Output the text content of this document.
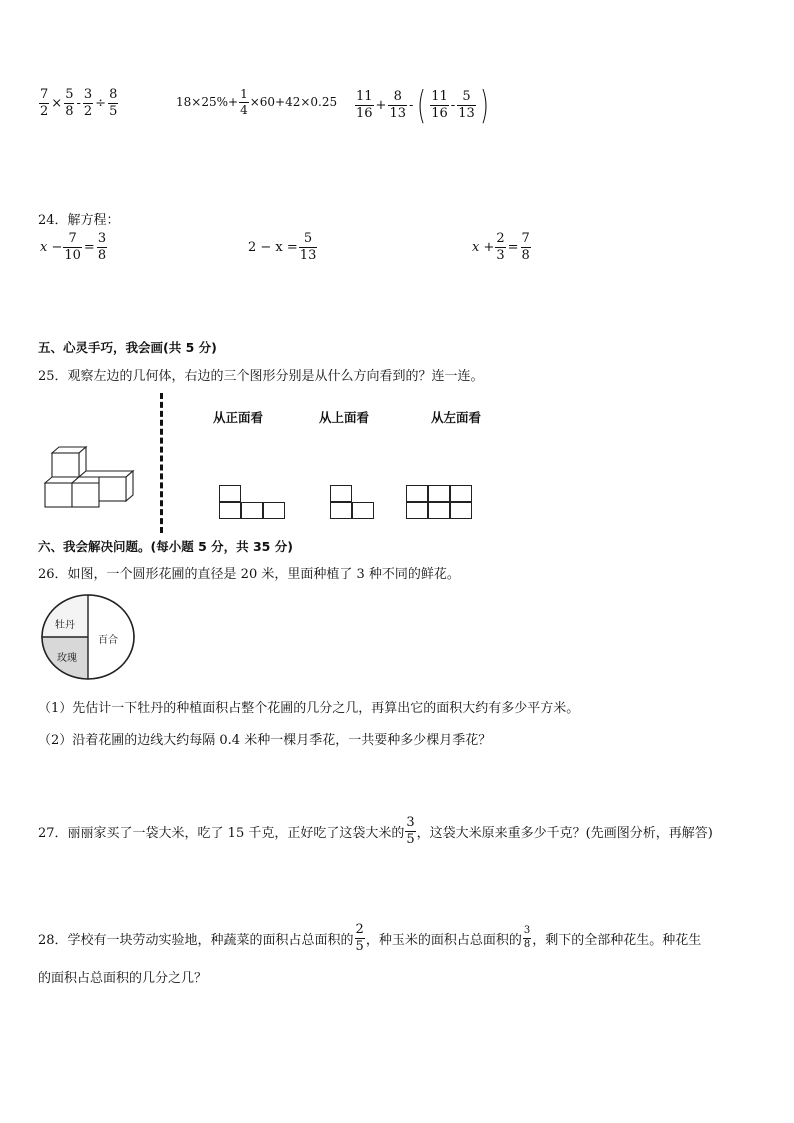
$\frac{7}{2} \times \frac{5}{8} - \frac{3}{2} \div \frac{8}{5}$	$18\times 25\%+ \frac{1}{4} \times 60+42\times 0.25 \frac{11}{16} + \frac{8}{13}$ - ( $\frac{11}{16} - \frac{5}{13}$ )
24．解方程：
$x - \frac{7}{10} = \frac{3}{8}$	$2 - x = \frac{5}{13}$	$x + \frac{2}{3} = \frac{7}{8}$
五、心灵手巧，我会画(共 5 分)
25．观察左边的几何体，右边的三个图形分别是从什么方向看到的？连一连。
从正面看	从上面看	从左面看
六、我会解决问题。(每小题 5 分，共 35 分)
26．如图，一个圆形花圃的直径是 20 米，里面种植了 3 种不同的鲜花。
牡丹
玫瑰
百合
（1）先估计一下牡丹的种植面积占整个花圃的几分之几，再算出它的面积大约有多少平方米。
（2）沿着花圃的边线大约每隔 0.4 米种一棵月季花，一共要种多少棵月季花？
27．丽丽家买了一袋大米，吃了 15 千克，正好吃了这袋大米的 $\frac{3}{5}$ ，这袋大米原来重多少千克？(先画图分析，再解答)
28．学校有一块劳动实验地，种蔬菜的面积占总面积的 $\frac{2}{5}$ ，种玉米的面积占总面积的 $\frac{3}{8}$ ，剩下的全部种花生。种花生
的面积占总面积的几分之几？
